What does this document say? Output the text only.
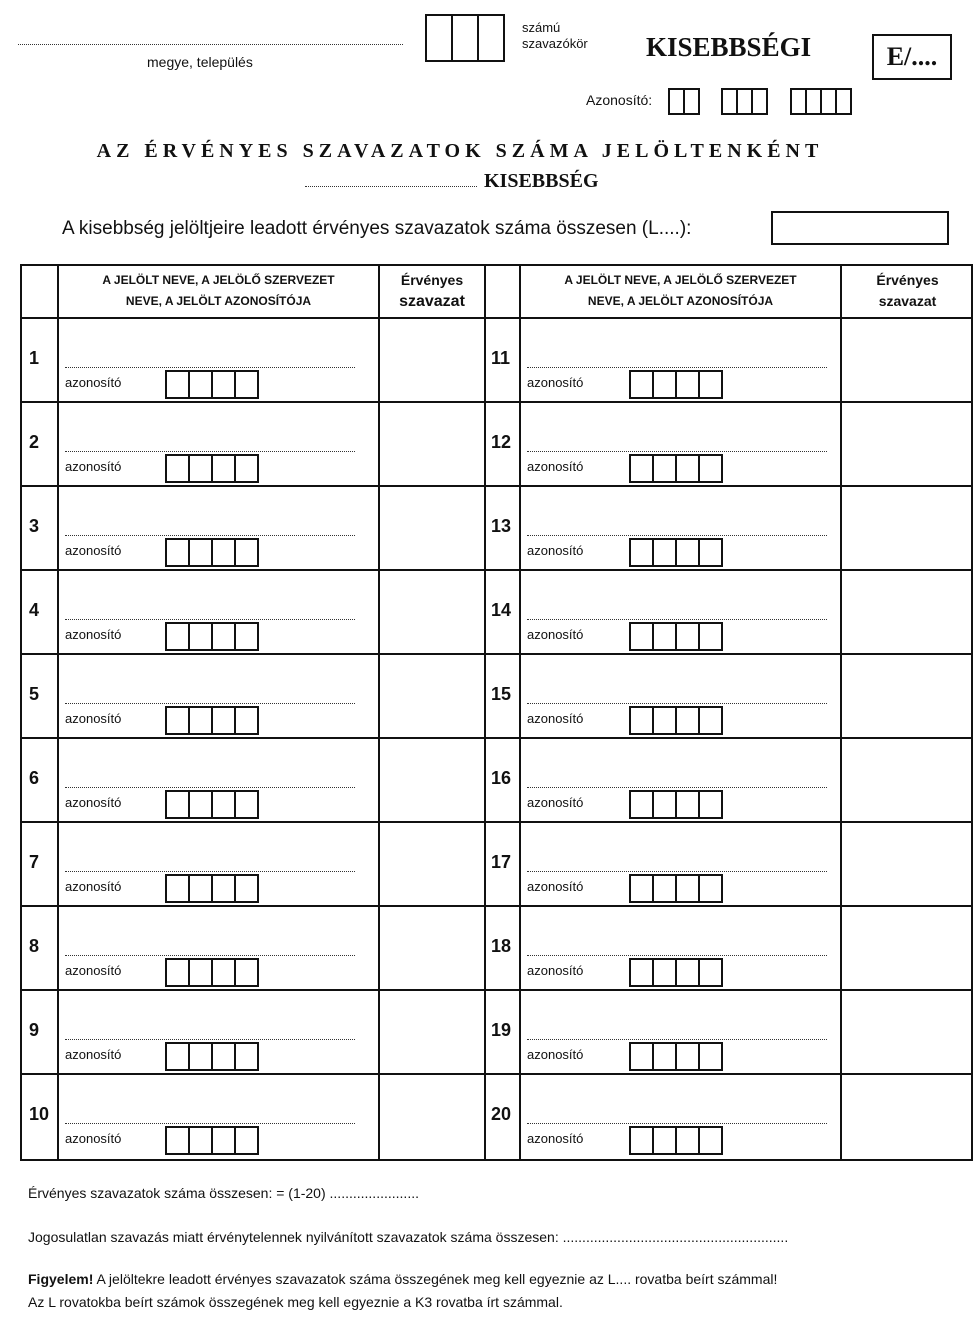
megye, település
számú
szavazókör KISEBBSÉGI	E/....
Azonosító:
AZ ÉRVÉNYES SZAVAZATOK SZÁMA JELÖLTENKÉNT
KISEBBSÉG
A kisebbség jelöltjeire leadott érvényes szavazatok száma összesen (L....):
A JELÖLT NEVE, A JELÖLŐ SZERVEZET
NEVE, A JELÖLT AZONOSÍTÓJA
Érvényes
szavazat
A JELÖLT NEVE, A JELÖLŐ SZERVEZET
NEVE, A JELÖLT AZONOSÍTÓJA
Érvényes
szavazat
1
azonosító
11
azonosító
2
azonosító
12
azonosító
3
azonosító
13
azonosító
4
azonosító
14
azonosító
5
azonosító
15
azonosító
6
azonosító
16
azonosító
7
azonosító
17
azonosító
8
azonosító
18
azonosító
9
azonosító
19
azonosító
10
azonosító
20
azonosító
Érvényes szavazatok száma összesen: = (1-20) .......................
Jogosulatlan szavazás miatt érvénytelennek nyilvánított szavazatok száma összesen: ..........................................................
Figyelem! A jelöltekre leadott érvényes szavazatok száma összegének meg kell egyeznie az L.... rovatba beírt számmal!
Az L rovatokba beírt számok összegének meg kell egyeznie a K3 rovatba írt számmal.
